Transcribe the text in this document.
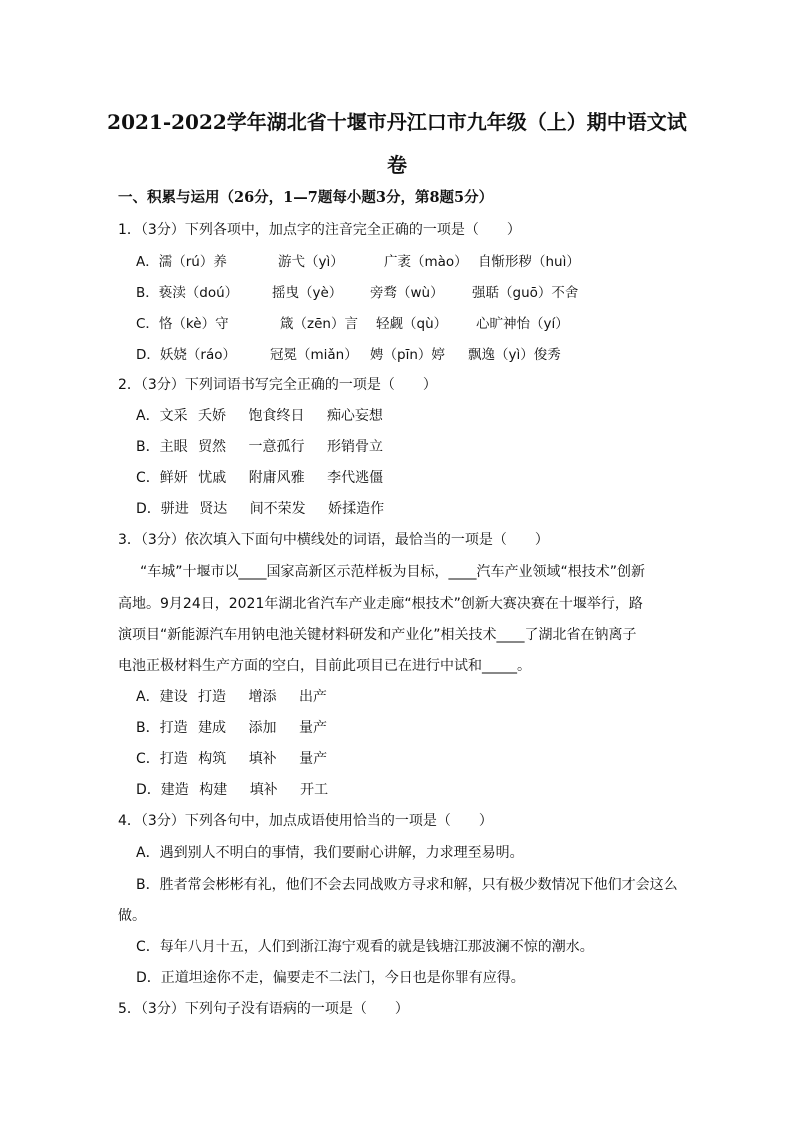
2021-2022学年湖北省十堰市丹江口市九年级（上）期中语文试
卷
一、积累与运用（26分，1—7题每小题3分，第8题5分）
1．（3分）下列各项中，加点字的注音完全正确的一项是（　　）
A．濡（rú）养	游弋（yì）	广袤（mào） 自惭形秽（huì）
B．亵渎（doú）	摇曳（yè） 旁骛（wù） 强聒（guō）不舍
C．恪（kè）守	箴（zēn）言 轻觑（qù） 心旷神怡（yí）
D．妖娆（ráo）	冠冕（miǎn） 娉（pīn）婷 飘逸（yì）俊秀
2．（3分）下列词语书写完全正确的一项是（　　）
A．文采 夭娇 饱食终日 痴心妄想
B．主眼 贸然 一意孤行 形销骨立
C．鲜妍 忧戚 附庸风雅 李代逃僵
D．骈进 贤达 间不荣发 娇揉造作
3．（3分）依次填入下面句中横线处的词语，最恰当的一项是（　　）
“车城”十堰市以____国家高新区示范样板为目标，____汽车产业领域“根技术”创新
高地。9月24日，2021年湖北省汽车产业走廊“根技术”创新大赛决赛在十堰举行，路
演项目“新能源汽车用钠电池关键材料研发和产业化”相关技术____了湖北省在钠离子
电池正极材料生产方面的空白，目前此项目已在进行中试和_____。
A．建设 打造 增添 出产
B．打造 建成 添加 量产
C．打造 构筑 填补 量产
D．建造 构建 填补 开工
4．（3分）下列各句中，加点成语使用恰当的一项是（　　）
A．遇到别人不明白的事情，我们要耐心讲解，力求理至易明。
B．胜者常会彬彬有礼，他们不会去同战败方寻求和解，只有极少数情况下他们才会这么
做。
C．每年八月十五，人们到浙江海宁观看的就是钱塘江那波澜不惊的潮水。
D．正道坦途你不走，偏要走不二法门，今日也是你罪有应得。
5．（3分）下列句子没有语病的一项是（　　）
